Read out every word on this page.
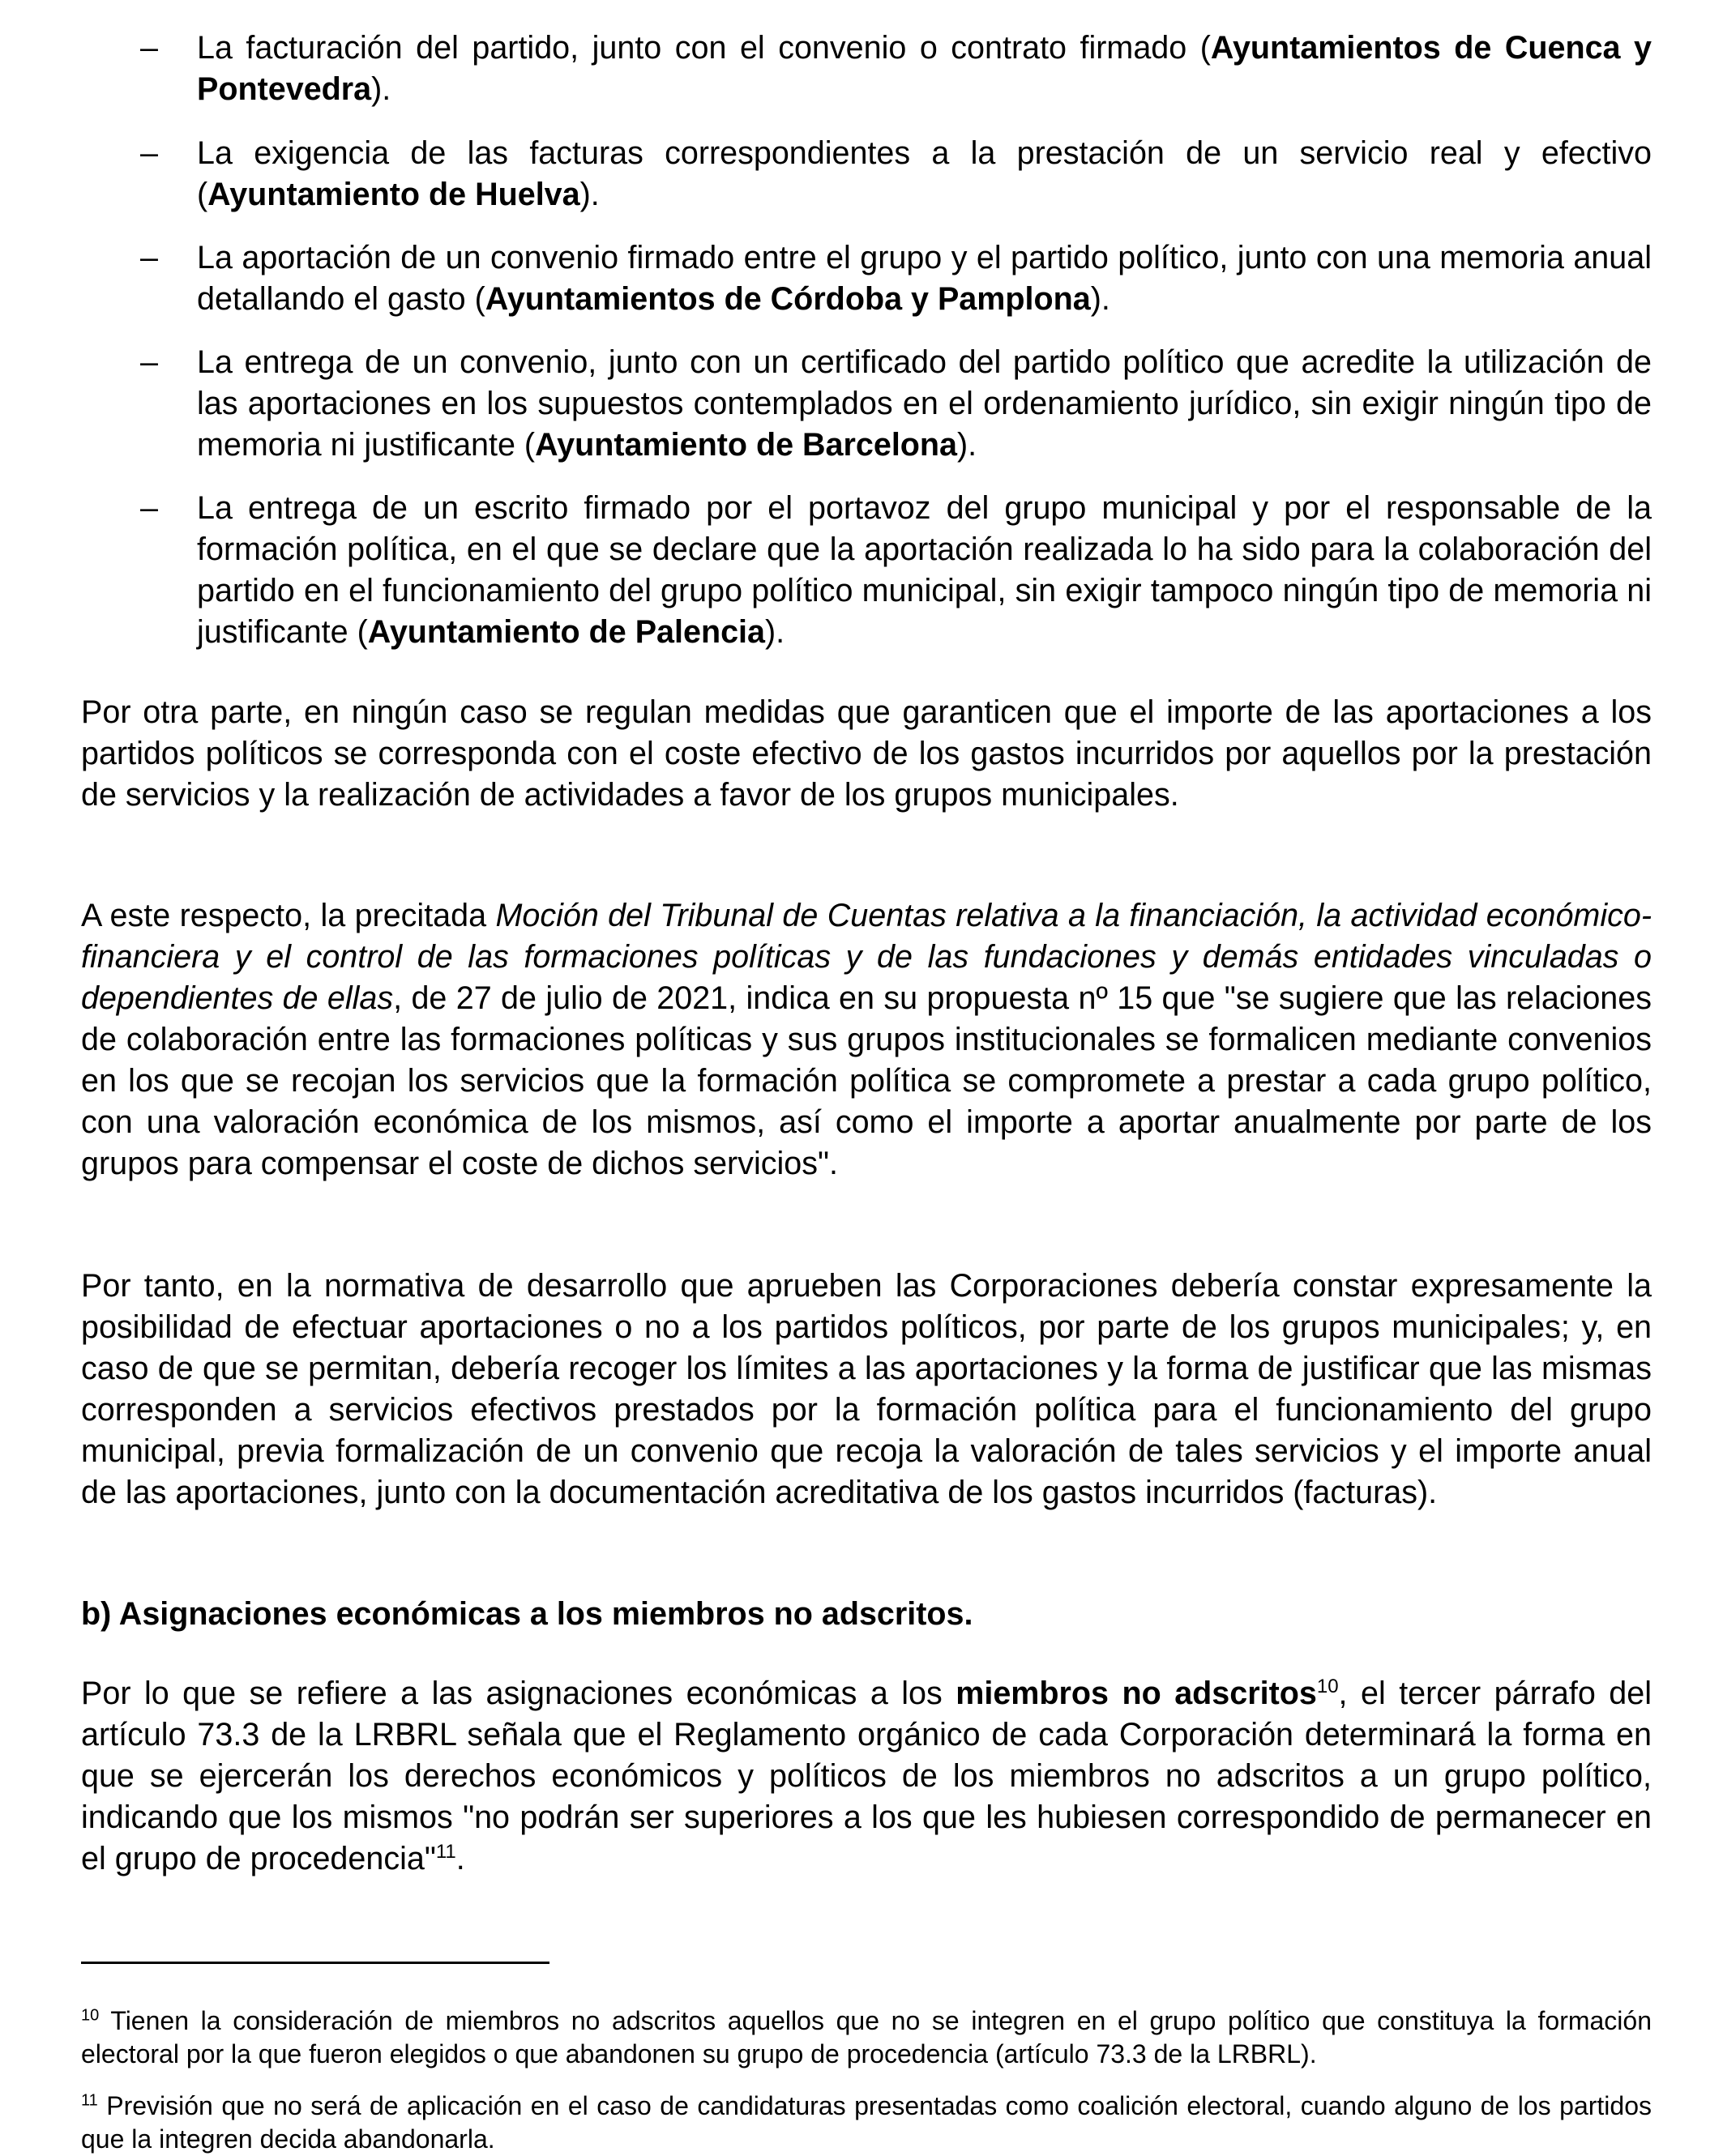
– La facturación del partido, junto con el convenio o contrato firmado (Ayuntamientos de Cuenca y Pontevedra).
– La exigencia de las facturas correspondientes a la prestación de un servicio real y efectivo (Ayuntamiento de Huelva).
– La aportación de un convenio firmado entre el grupo y el partido político, junto con una memoria anual detallando el gasto (Ayuntamientos de Córdoba y Pamplona).
– La entrega de un convenio, junto con un certificado del partido político que acredite la utilización de las aportaciones en los supuestos contemplados en el ordenamiento jurídico, sin exigir ningún tipo de memoria ni justificante (Ayuntamiento de Barcelona).
– La entrega de un escrito firmado por el portavoz del grupo municipal y por el responsable de la formación política, en el que se declare que la aportación realizada lo ha sido para la colaboración del partido en el funcionamiento del grupo político municipal, sin exigir tampoco ningún tipo de memoria ni justificante (Ayuntamiento de Palencia).
Por otra parte, en ningún caso se regulan medidas que garanticen que el importe de las aportaciones a los partidos políticos se corresponda con el coste efectivo de los gastos incurridos por aquellos por la prestación de servicios y la realización de actividades a favor de los grupos municipales.
A este respecto, la precitada Moción del Tribunal de Cuentas relativa a la financiación, la actividad económico-financiera y el control de las formaciones políticas y de las fundaciones y demás entidades vinculadas o dependientes de ellas, de 27 de julio de 2021, indica en su propuesta nº 15 que "se sugiere que las relaciones de colaboración entre las formaciones políticas y sus grupos institucionales se formalicen mediante convenios en los que se recojan los servicios que la formación política se compromete a prestar a cada grupo político, con una valoración económica de los mismos, así como el importe a aportar anualmente por parte de los grupos para compensar el coste de dichos servicios".
Por tanto, en la normativa de desarrollo que aprueben las Corporaciones debería constar expresamente la posibilidad de efectuar aportaciones o no a los partidos políticos, por parte de los grupos municipales; y, en caso de que se permitan, debería recoger los límites a las aportaciones y la forma de justificar que las mismas corresponden a servicios efectivos prestados por la formación política para el funcionamiento del grupo municipal, previa formalización de un convenio que recoja la valoración de tales servicios y el importe anual de las aportaciones, junto con la documentación acreditativa de los gastos incurridos (facturas).
b) Asignaciones económicas a los miembros no adscritos.
Por lo que se refiere a las asignaciones económicas a los miembros no adscritos$^{10}$, el tercer párrafo del artículo 73.3 de la LRBRL señala que el Reglamento orgánico de cada Corporación determinará la forma en que se ejercerán los derechos económicos y políticos de los miembros no adscritos a un grupo político, indicando que los mismos "no podrán ser superiores a los que les hubiesen correspondido de permanecer en el grupo de procedencia"$^{11}$.
$^{10}$ Tienen la consideración de miembros no adscritos aquellos que no se integren en el grupo político que constituya la formación electoral por la que fueron elegidos o que abandonen su grupo de procedencia (artículo 73.3 de la LRBRL).
$^{11}$ Previsión que no será de aplicación en el caso de candidaturas presentadas como coalición electoral, cuando alguno de los partidos que la integren decida abandonarla.
